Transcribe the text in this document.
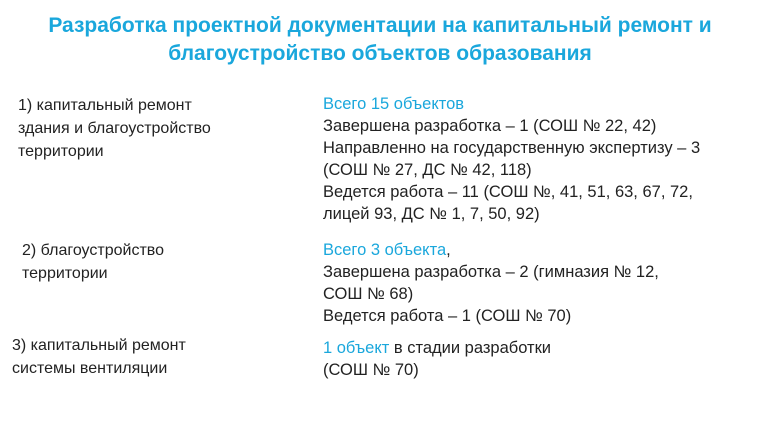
Разработка проектной документации на капитальный ремонт и
благоустройство объектов образования
1) капитальный ремонт
здания и благоустройство
территории
Всего 15 объектов
Завершена разработка – 1 (СОШ № 22, 42)
Направленно на государственную экспертизу – 3
(СОШ № 27, ДС № 42, 118)
Ведется работа – 11 (СОШ №, 41, 51, 63, 67, 72,
лицей 93, ДС № 1, 7, 50, 92)
2) благоустройство
территории
Всего 3 объекта,
Завершена разработка – 2 (гимназия № 12,
СОШ № 68)
Ведется работа – 1 (СОШ № 70)
3) капитальный ремонт
системы вентиляции
1 объект в стадии разработки
(СОШ № 70)
